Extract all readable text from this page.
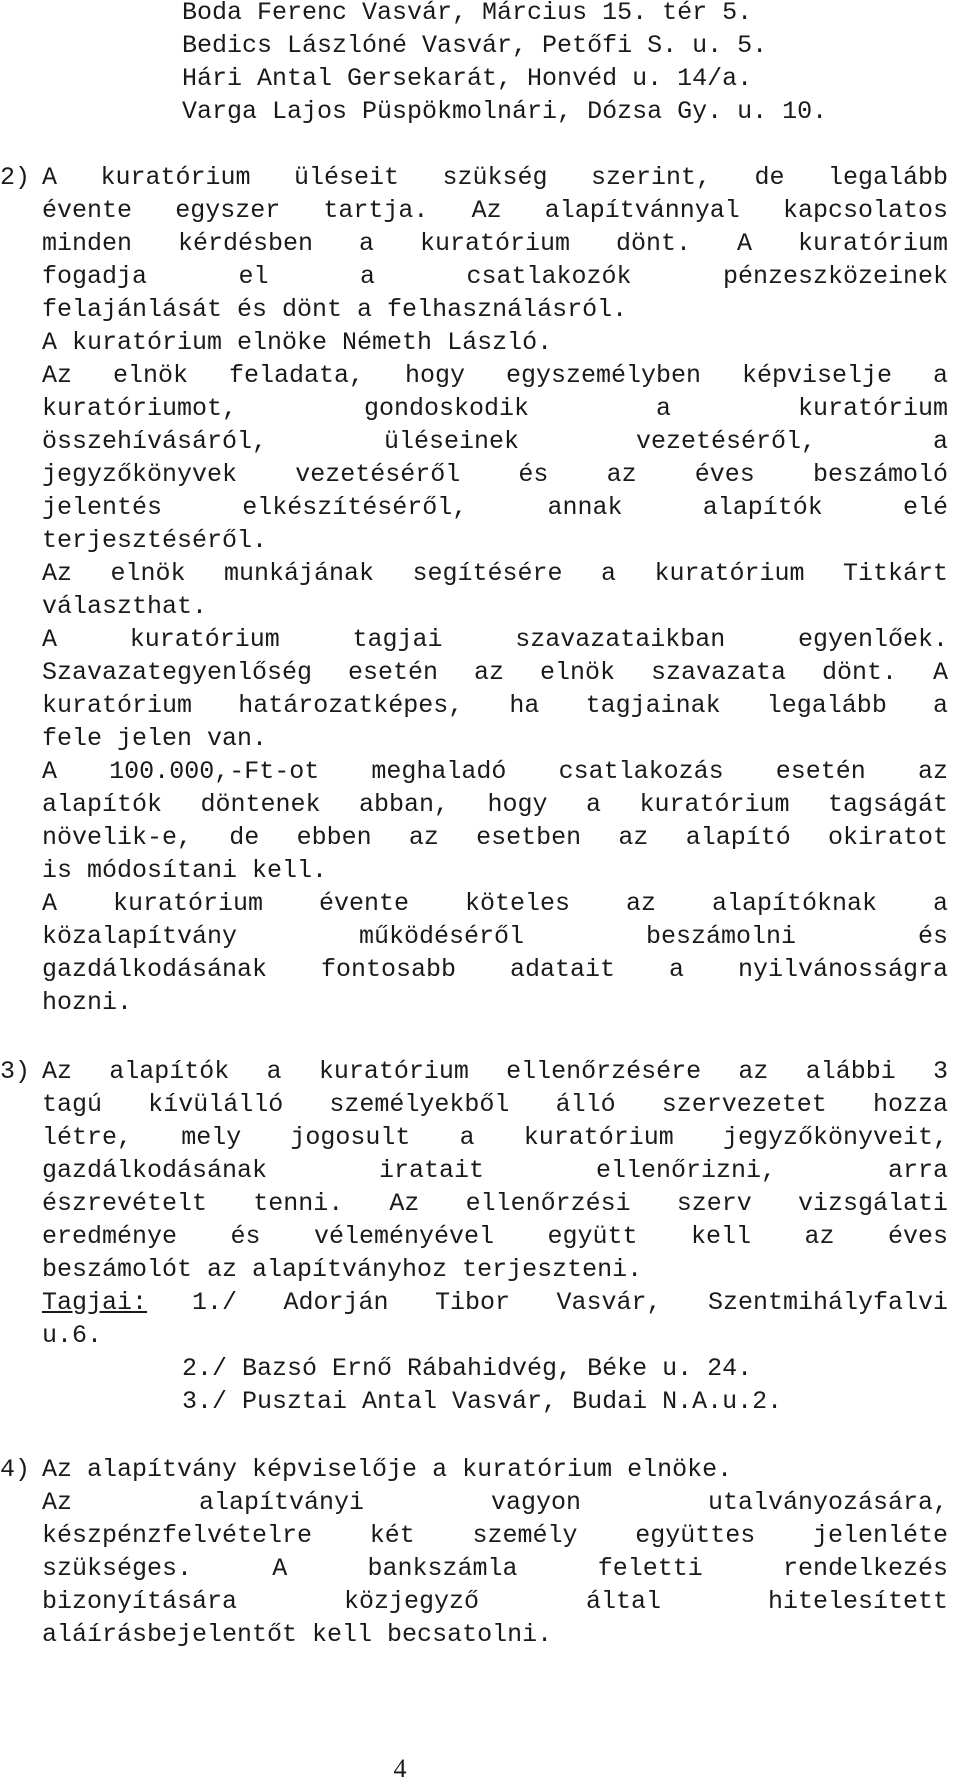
Boda Ferenc Vasvár, Március 15. tér 5.
Bedics Lászlóné Vasvár, Petőfi S. u. 5.
Hári Antal Gersekarát, Honvéd u. 14/a.
Varga Lajos Püspökmolnári, Dózsa Gy. u. 10.
2) A kuratórium üléseit szükség szerint, de legalább
évente egyszer tartja. Az alapítvánnyal kapcsolatos
minden kérdésben a kuratórium dönt. A kuratórium
fogadja el a csatlakozók pénzeszközeinek
felajánlását és dönt a felhasználásról.
A kuratórium elnöke Németh László.
Az elnök feladata, hogy egyszemélyben képviselje a
kuratóriumot, gondoskodik a kuratórium
összehívásáról, üléseinek vezetéséről, a
jegyzőkönyvek vezetéséről és az éves beszámoló
jelentés elkészítéséről, annak alapítók elé
terjesztéséről.
Az elnök munkájának segítésére a kuratórium Titkárt
választhat.
A kuratórium tagjai szavazataikban egyenlőek.
Szavazategyenlőség esetén az elnök szavazata dönt. A
kuratórium határozatképes, ha tagjainak legalább a
fele jelen van.
A 100.000,-Ft-ot meghaladó csatlakozás esetén az
alapítók döntenek abban, hogy a kuratórium tagságát
növelik-e, de ebben az esetben az alapító okiratot
is módosítani kell.
A kuratórium évente köteles az alapítóknak a
közalapítvány működéséről beszámolni és
gazdálkodásának fontosabb adatait a nyilvánosságra
hozni.
3) Az alapítók a kuratórium ellenőrzésére az alábbi 3
tagú kívülálló személyekből álló szervezetet hozza
létre, mely jogosult a kuratórium jegyzőkönyveit,
gazdálkodásának iratait ellenőrizni, arra
észrevételt tenni. Az ellenőrzési szerv vizsgálati
eredménye és véleményével együtt kell az éves
beszámolót az alapítványhoz terjeszteni.
Tagjai: 1./ Adorján Tibor Vasvár, Szentmihályfalvi
u.6.
2./ Bazsó Ernő Rábahidvég, Béke u. 24.
3./ Pusztai Antal Vasvár, Budai N.A.u.2.
4) Az alapítvány képviselője a kuratórium elnöke.
Az alapítványi vagyon utalványozására,
készpénzfelvételre két személy együttes jelenléte
szükséges. A bankszámla feletti rendelkezés
bizonyítására közjegyző által hitelesített
aláírásbejelentőt kell becsatolni.
4
